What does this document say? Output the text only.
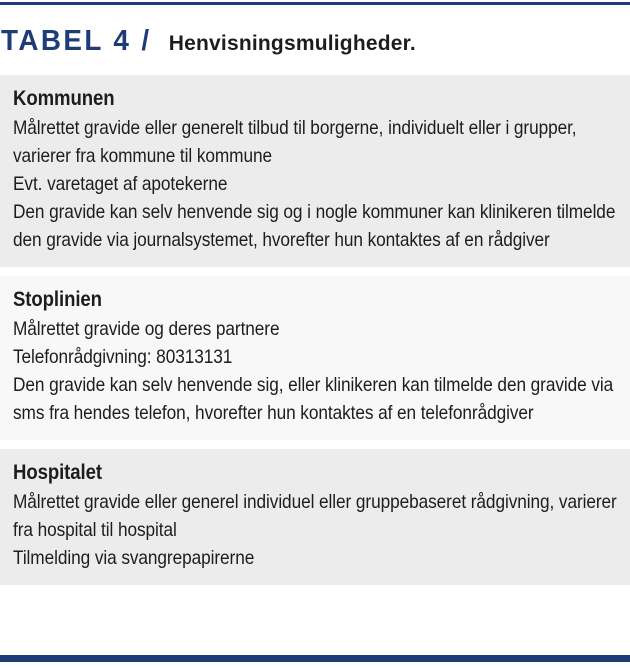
TABEL 4 / Henvisningsmuligheder.
Kommunen

Målrettet gravide eller generelt tilbud til borgerne, individuelt eller i grupper, varierer fra kommune til kommune

Evt. varetaget af apotekerne

Den gravide kan selv henvende sig og i nogle kommuner kan klinikeren tilmelde den gravide via journalsystemet, hvorefter hun kontaktes af en rådgiver

Stoplinien

Målrettet gravide og deres partnere

Telefonrådgivning: 80313131

Den gravide kan selv henvende sig, eller klinikeren kan tilmelde den gravide via sms fra hendes telefon, hvorefter hun kontaktes af en telefonrådgiver

Hospitalet

Målrettet gravide eller generel individuel eller gruppebaseret rådgivning, varierer fra hospital til hospital

Tilmelding via svangrepapirerne
